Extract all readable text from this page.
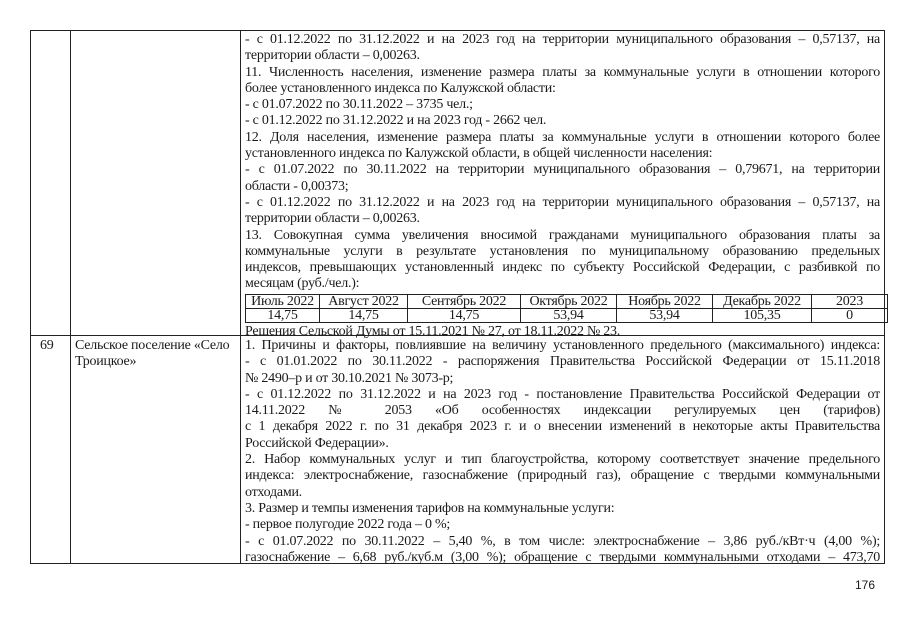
- с 01.12.2022 по 31.12.2022 и на 2023 год на территории муниципального образования – 0,57137, на
территории области – 0,00263.
11. Численность населения, изменение размера платы за коммунальные услуги в отношении которого
более установленного индекса по Калужской области:
- с 01.07.2022 по 30.11.2022 – 3735 чел.;
- с 01.12.2022 по 31.12.2022 и на 2023 год - 2662 чел.
12. Доля населения, изменение размера платы за коммунальные услуги в отношении которого более
установленного индекса по Калужской области, в общей численности населения:
- с 01.07.2022 по 30.11.2022 на территории муниципального образования – 0,79671, на территории
области - 0,00373;
- с 01.12.2022 по 31.12.2022 и на 2023 год на территории муниципального образования – 0,57137, на
территории области – 0,00263.
13. Совокупная сумма увеличения вносимой гражданами муниципального образования платы за
коммунальные услуги в результате установления по муниципальному образованию предельных
индексов, превышающих установленный индекс по субъекту Российской Федерации, с разбивкой по
месяцам (руб./чел.):
Июль 2022	Август 2022	Сентябрь 2022	Октябрь 2022	Ноябрь 2022	Декабрь 2022	2023
14,75	14,75	14,75	53,94	53,94	105,35	0
Решения Сельской Думы от 15.11.2021 № 27, от 18.11.2022 № 23.
69 Сельское поселение «Село
Троицкое»
1. Причины и факторы, повлиявшие на величину установленного предельного (максимального) индекса:
- с 01.01.2022 по 30.11.2022 - распоряжения Правительства Российской Федерации от 15.11.2018
№ 2490–р и от 30.10.2021 № 3073-р;
- с 01.12.2022 по 31.12.2022 и на 2023 год - постановление Правительства Российской Федерации от
14.11.2022 № 2053 «Об особенностях индексации регулируемых цен (тарифов)
с 1 декабря 2022 г. по 31 декабря 2023 г. и о внесении изменений в некоторые акты Правительства
Российской Федерации».
2. Набор коммунальных услуг и тип благоустройства, которому соответствует значение предельного
индекса: электроснабжение, газоснабжение (природный газ), обращение с твердыми коммунальными
отходами.
3. Размер и темпы изменения тарифов на коммунальные услуги:
- первое полугодие 2022 года – 0 %;
- с 01.07.2022 по 30.11.2022 – 5,40 %, в том числе: электроснабжение – 3,86 руб./кВт·ч (4,00 %);
газоснабжение – 6,68 руб./куб.м (3,00 %); обращение с твердыми коммунальными отходами – 473,70
176
